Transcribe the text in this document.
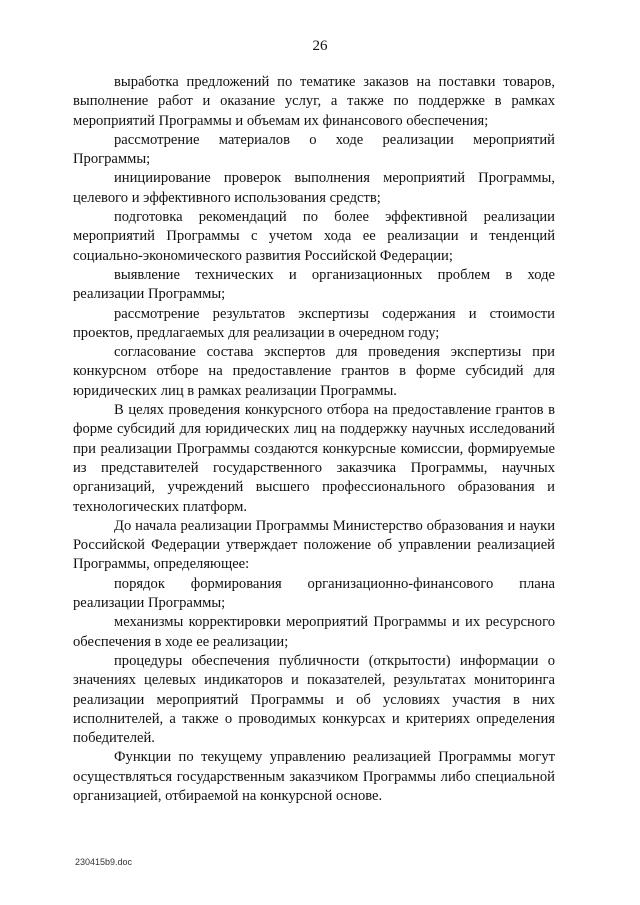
26

выработка предложений по тематике заказов на поставки товаров, выполнение работ и оказание услуг, а также по поддержке в рамках мероприятий Программы и объемам их финансового обеспечения;

рассмотрение материалов о ходе реализации мероприятий Программы;

инициирование проверок выполнения мероприятий Программы, целевого и эффективного использования средств;

подготовка рекомендаций по более эффективной реализации мероприятий Программы с учетом хода ее реализации и тенденций социально-экономического развития Российской Федерации;

выявление технических и организационных проблем в ходе реализации Программы;

рассмотрение результатов экспертизы содержания и стоимости проектов, предлагаемых для реализации в очередном году;

согласование состава экспертов для проведения экспертизы при конкурсном отборе на предоставление грантов в форме субсидий для юридических лиц в рамках реализации Программы.

В целях проведения конкурсного отбора на предоставление грантов в форме субсидий для юридических лиц на поддержку научных исследований при реализации Программы создаются конкурсные комиссии, формируемые из представителей государственного заказчика Программы, научных организаций, учреждений высшего профессионального образования и технологических платформ.

До начала реализации Программы Министерство образования и науки Российской Федерации утверждает положение об управлении реализацией Программы, определяющее:

порядок формирования организационно-финансового плана реализации Программы;

механизмы корректировки мероприятий Программы и их ресурсного обеспечения в ходе ее реализации;

процедуры обеспечения публичности (открытости) информации о значениях целевых индикаторов и показателей, результатах мониторинга реализации мероприятий Программы и об условиях участия в них исполнителей, а также о проводимых конкурсах и критериях определения победителей.

Функции по текущему управлению реализацией Программы могут осуществляться государственным заказчиком Программы либо специальной организацией, отбираемой на конкурсной основе.

230415b9.doc
